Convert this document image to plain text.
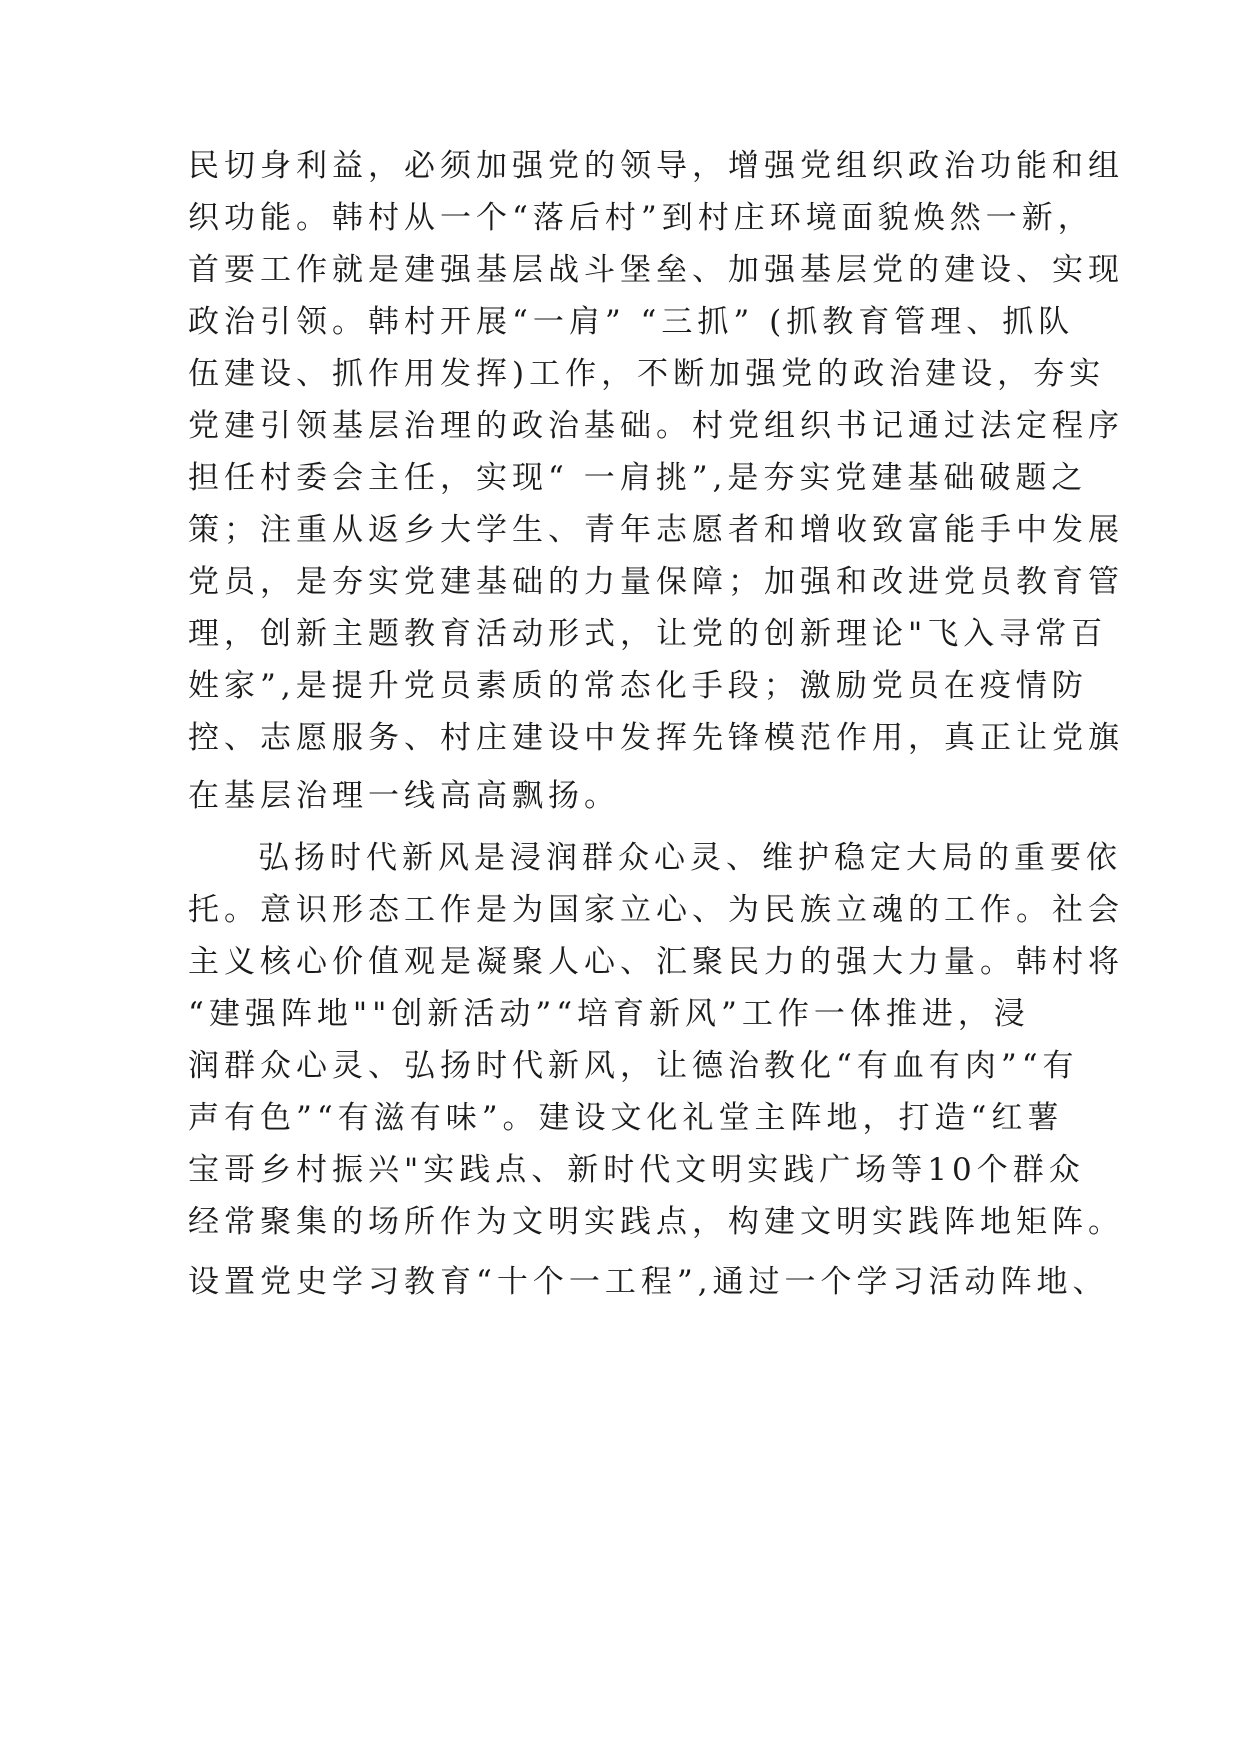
民切身利益，必须加强党的领导，增强党组织政治功能和组
织功能。韩村从一个“落后村”到村庄环境面貌焕然一新，
首要工作就是建强基层战斗堡垒、加强基层党的建设、实现
政治引领。韩村开展“一肩” “三抓” (抓教育管理、抓队
伍建设、抓作用发挥)工作，不断加强党的政治建设，夯实
党建引领基层治理的政治基础。村党组织书记通过法定程序
担任村委会主任，实现“ 一肩挑”,是夯实党建基础破题之
策；注重从返乡大学生、青年志愿者和增收致富能手中发展
党员，是夯实党建基础的力量保障；加强和改进党员教育管
理，创新主题教育活动形式，让党的创新理论"飞入寻常百
姓家”,是提升党员素质的常态化手段；激励党员在疫情防
控、志愿服务、村庄建设中发挥先锋模范作用，真正让党旗
在基层治理一线高高飘扬。
弘扬时代新风是浸润群众心灵、维护稳定大局的重要依
托。意识形态工作是为国家立心、为民族立魂的工作。社会
主义核心价值观是凝聚人心、汇聚民力的强大力量。韩村将
“建强阵地""创新活动”“培育新风”工作一体推进，浸
润群众心灵、弘扬时代新风，让德治教化“有血有肉”“有
声有色”“有滋有味”。建设文化礼堂主阵地，打造“红薯
宝哥乡村振兴"实践点、新时代文明实践广场等10个群众
经常聚集的场所作为文明实践点，构建文明实践阵地矩阵。
设置党史学习教育“十个一工程”,通过一个学习活动阵地、
